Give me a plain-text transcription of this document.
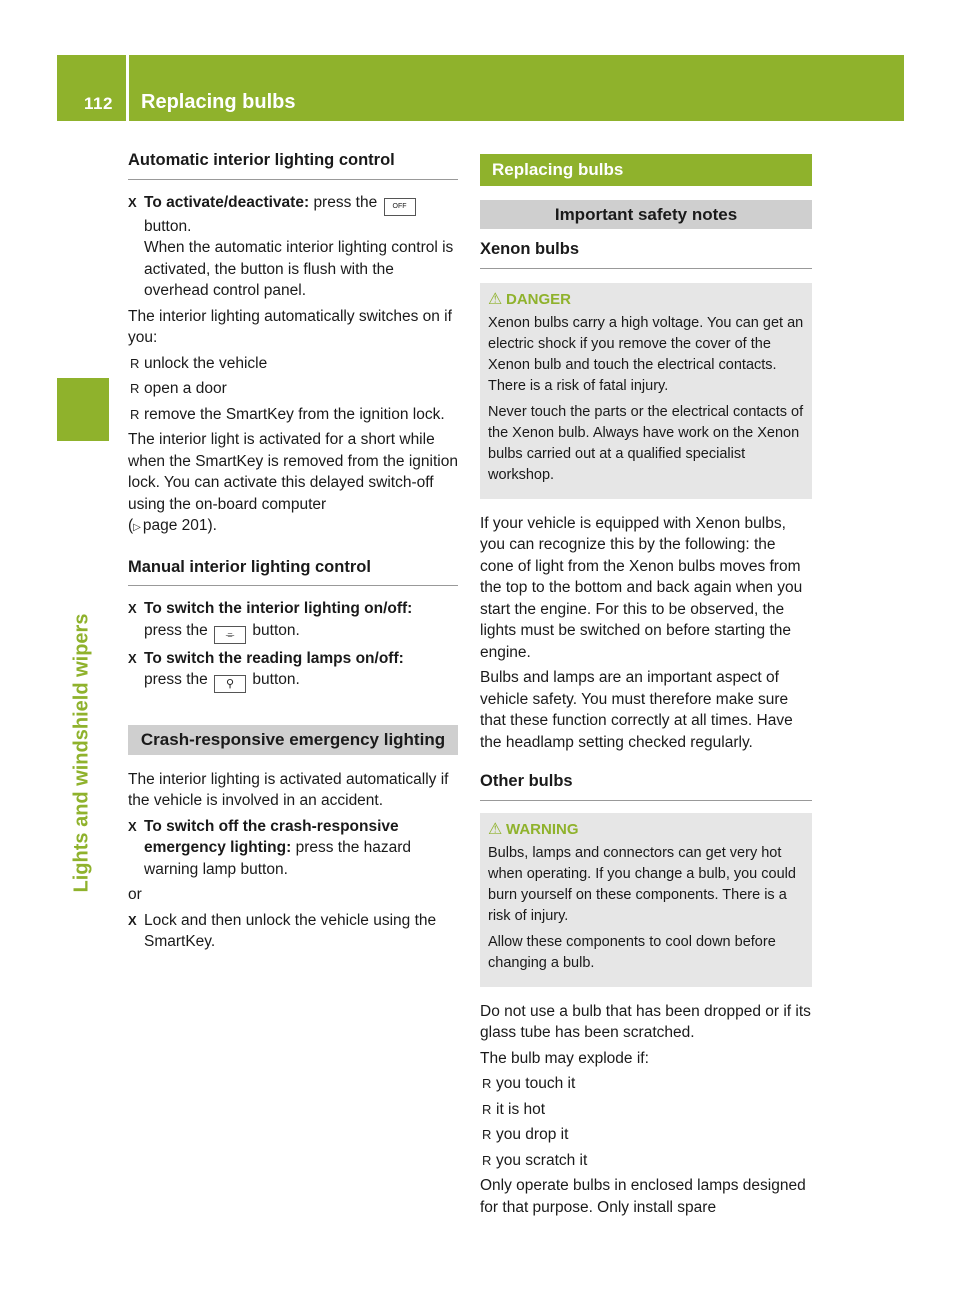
112 Replacing bulbs
Lights and windshield wipers
Automatic interior lighting control
X To activate/deactivate: press the $^{OFF}$
button.
When the automatic interior lighting control is activated, the button is flush with the overhead control panel.

The interior lighting automatically switches on if you:

R unlock the vehicle
R open a door
R remove the SmartKey from the ignition lock.

The interior light is activated for a short while when the SmartKey is removed from the ignition lock. You can activate this delayed switch-off using the on-board computer
(▷ page 201).

Manual interior lighting control
X To switch the interior lighting on/off:
press the ⌯ button.
X To switch the reading lamps on/off:
press the ⚲ button.
Crash-responsive emergency lighting

The interior lighting is activated automatically if the vehicle is involved in an accident.

X To switch off the crash-responsive emergency lighting: press the hazard warning lamp button.

or

X Lock and then unlock the vehicle using the SmartKey.
Replacing bulbs
Important safety notes
Xenon bulbs
⚠ DANGER

Xenon bulbs carry a high voltage. You can get an electric shock if you remove the cover of the Xenon bulb and touch the electrical contacts. There is a risk of fatal injury.

Never touch the parts or the electrical contacts of the Xenon bulb. Always have work on the Xenon bulbs carried out at a qualified specialist workshop.

If your vehicle is equipped with Xenon bulbs, you can recognize this by the following: the cone of light from the Xenon bulbs moves from the top to the bottom and back again when you start the engine. For this to be observed, the lights must be switched on before starting the engine.

Bulbs and lamps are an important aspect of vehicle safety. You must therefore make sure that these function correctly at all times. Have the headlamp setting checked regularly.

Other bulbs
⚠ WARNING

Bulbs, lamps and connectors can get very hot when operating. If you change a bulb, you could burn yourself on these components. There is a risk of injury.

Allow these components to cool down before changing a bulb.

Do not use a bulb that has been dropped or if its glass tube has been scratched.

The bulb may explode if:

R you touch it
R it is hot
R you drop it
R you scratch it

Only operate bulbs in enclosed lamps designed for that purpose. Only install spare
